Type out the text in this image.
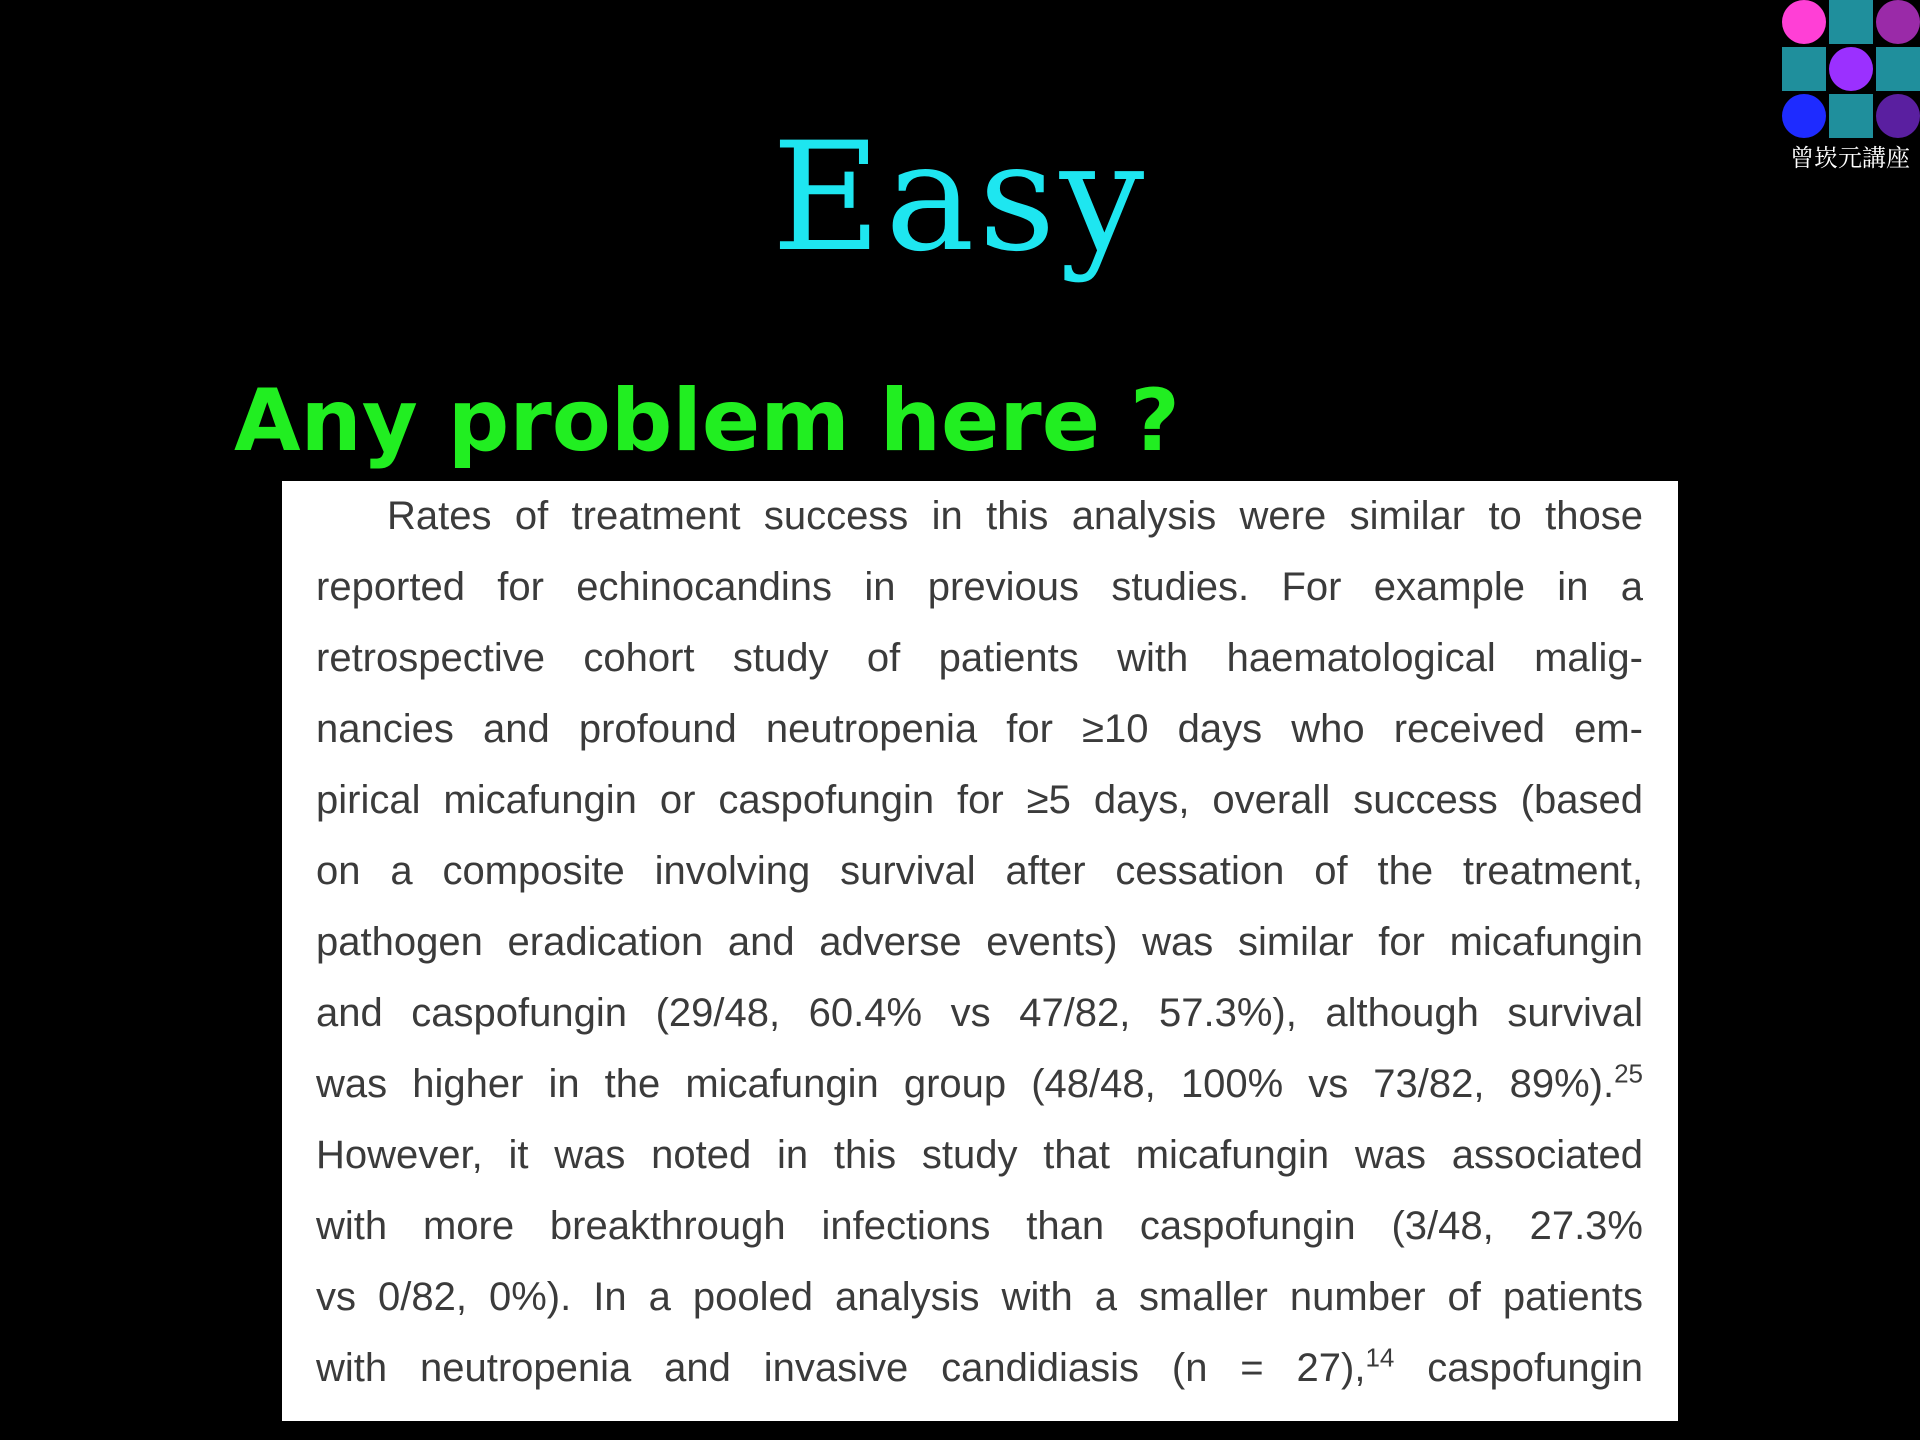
Easy
Any problem here ?
Rates of treatment success in this analysis were similar to those
reported for echinocandins in previous studies. For example in a
retrospective cohort study of patients with haematological malig-
nancies and profound neutropenia for ≥10 days who received em-
pirical micafungin or caspofungin for ≥5 days, overall success (based
on a composite involving survival after cessation of the treatment,
pathogen eradication and adverse events) was similar for micafungin
and caspofungin (29/48, 60.4% vs 47/82, 57.3%), although survival
was higher in the micafungin group (48/48, 100% vs 73/82, 89%).$^{25}$
However, it was noted in this study that micafungin was associated
with more breakthrough infections than caspofungin (3/48, 27.3%
vs 0/82, 0%). In a pooled analysis with a smaller number of patients
with neutropenia and invasive candidiasis (n = 27),$^{14}$ caspofungin
曾崁元講座
